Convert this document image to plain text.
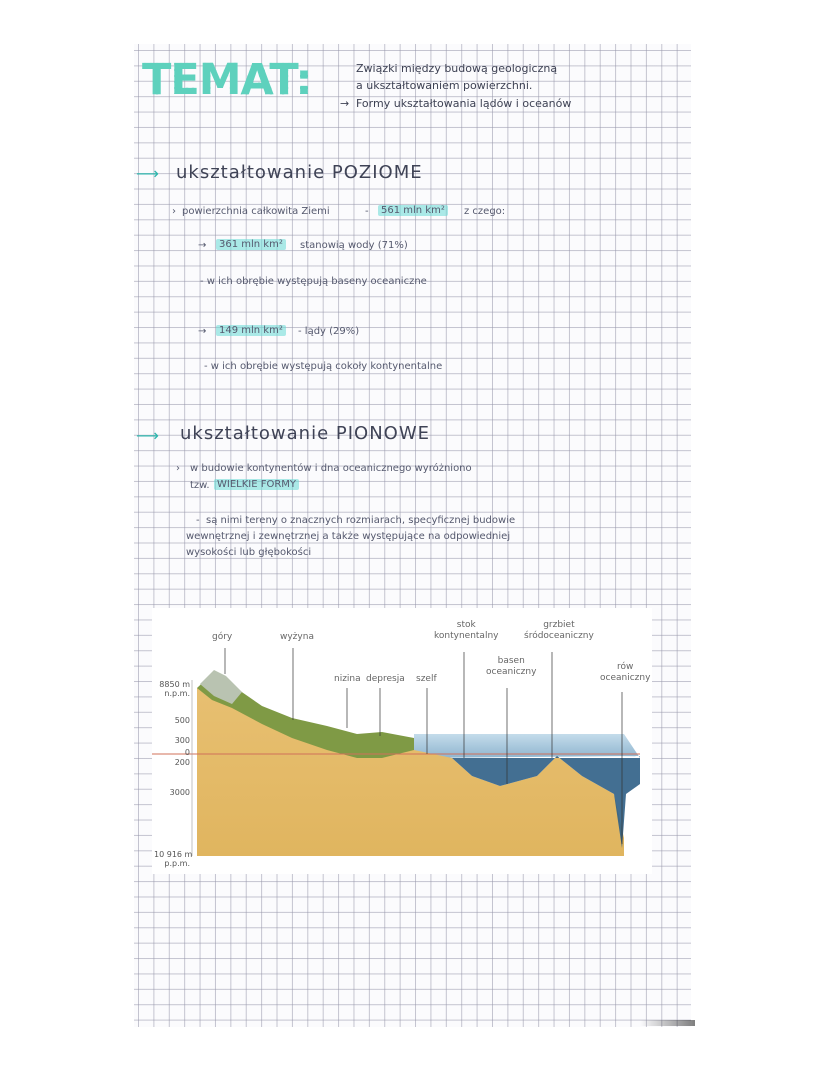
TEMAT:	Związki między budową geologiczną
a ukształtowaniem powierzchni.
→ Formy ukształtowania lądów i oceanów
⟶ ukształtowanie POZIOME
› powierzchnia całkowita Ziemi	-	561 mln km²	z czego:
→	361 mln km²	stanowią wody (71%)
- w ich obrębie występują baseny oceaniczne
→	149 mln km²	- lądy (29%)
- w ich obrębie występują cokoły kontynentalne
⟶ ukształtowanie PIONOWE
› w budowie kontynentów i dna oceanicznego wyróżniono
tzw. WIELKIE FORMY
- są nimi tereny o znacznych rozmiarach, specyficznej budowie
wewnętrznej i zewnętrznej a także występujące na odpowiedniej
wysokości lub głębokości
góry	wyżyna
nizina depresja szelf
stok
kontynentalny
basen
oceaniczny
grzbiet
śródoceaniczny
rów
oceaniczny
8850 m
n.p.m.
500
300
0
200
3000
10 916 m
p.p.m.
